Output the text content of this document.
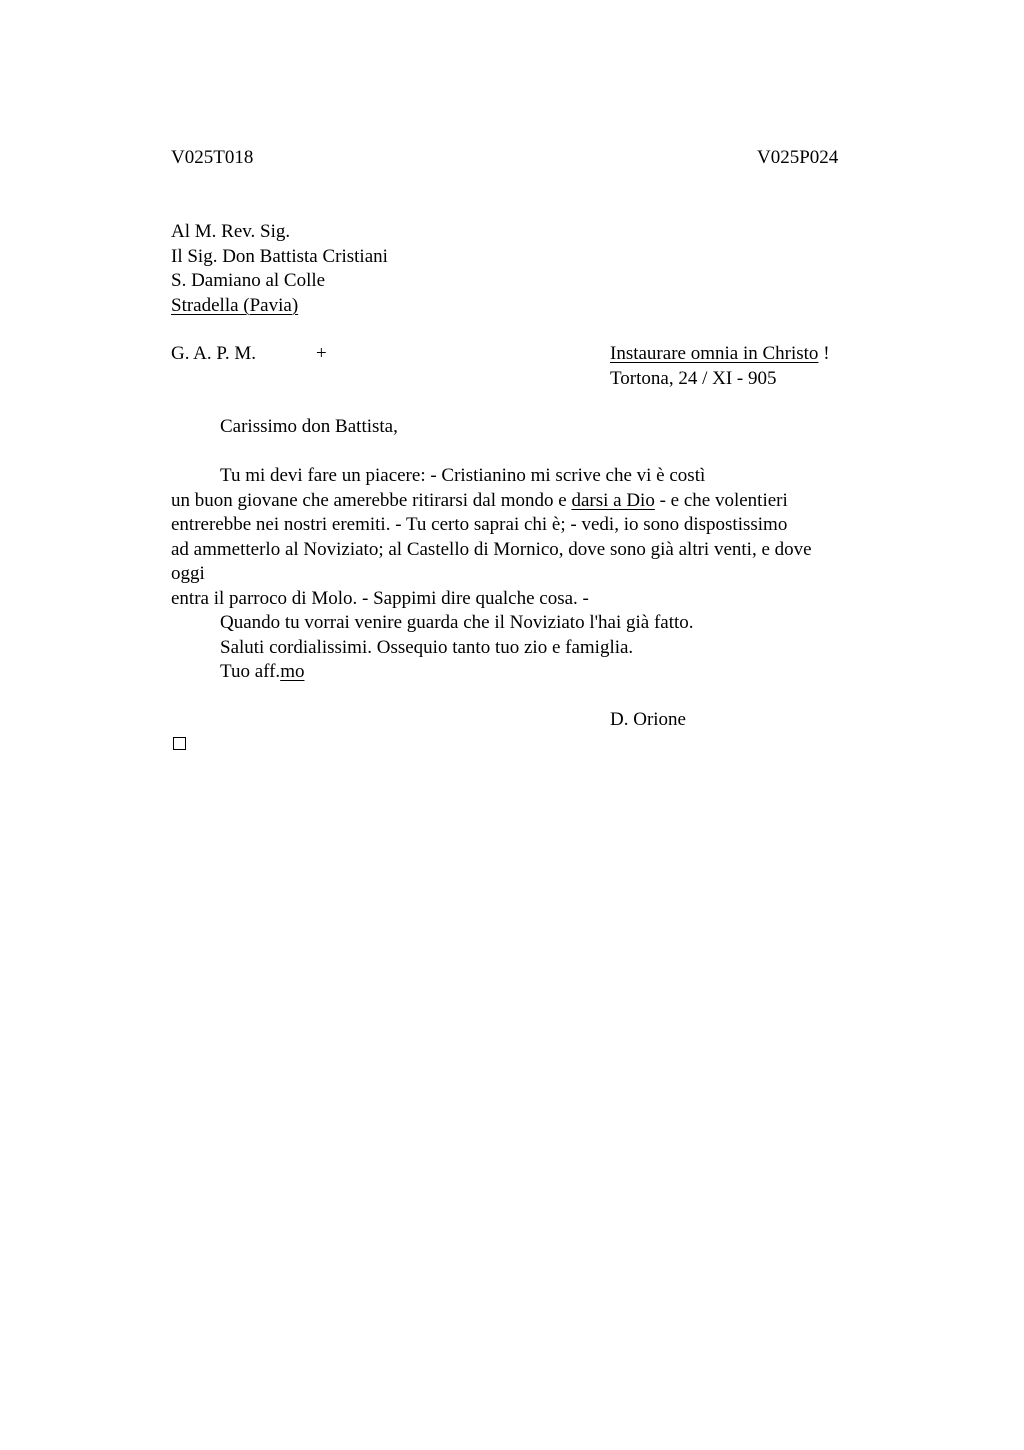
V025T018	V025P024
Al M. Rev. Sig.
Il Sig. Don Battista Cristiani
S. Damiano al Colle
Stradella (Pavia)
G. A. P. M.	+	Instaurare omnia in Christo !
Tortona, 24 / XI - 905
Carissimo don Battista,
Tu mi devi fare un piacere: - Cristianino mi scrive che vi è costì
un buon giovane che amerebbe ritirarsi dal mondo e darsi a Dio - e che volentieri
entrerebbe nei nostri eremiti. - Tu certo saprai chi è; - vedi, io sono dispostissimo
ad ammetterlo al Noviziato; al Castello di Mornico, dove sono già altri venti, e dove
oggi
entra il parroco di Molo. - Sappimi dire qualche cosa. -
Quando tu vorrai venire guarda che il Noviziato l'hai già fatto.
Saluti cordialissimi. Ossequio tanto tuo zio e famiglia.
Tuo aff.mo
D. Orione
